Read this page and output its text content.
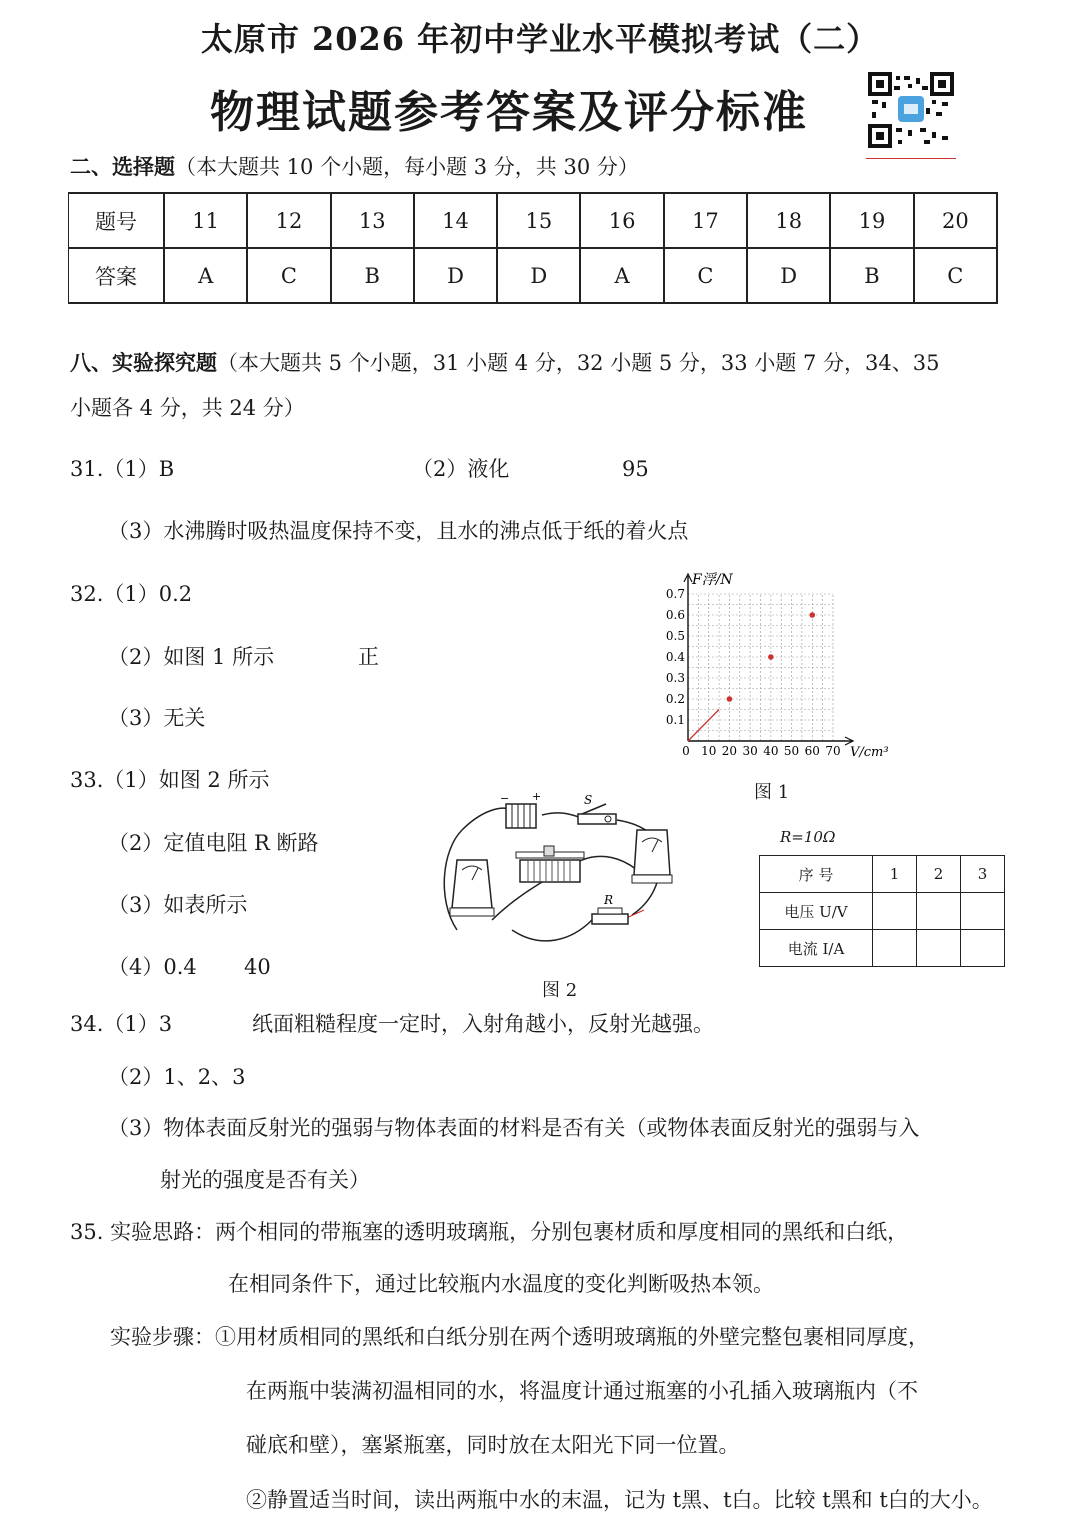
太原市 2026 年初中学业水平模拟考试（二）
物理试题参考答案及评分标准
二、选择题（本大题共 10 个小题，每小题 3 分，共 30 分）
题号	11	12	13	14	15	16	17	18	19	20
答案	A	C	B	D	D	A	C	D	B	C
八、实验探究题（本大题共 5 个小题，31 小题 4 分，32 小题 5 分，33 小题 7 分，34、35
小题各 4 分，共 24 分）
31.（1）B	（2）液化	95
（3）水沸腾时吸热温度保持不变，且水的沸点低于纸的着火点
32.（1）0.2
（2）如图 1 所示	正
（3）无关	0.1
0.2
0.3
0.4
0.5
0.6
0.7
0 10 20 30 40 50 60 70
F浮/N
V/cm³
图 1
33.（1）如图 2 所示
（2）定值电阻 R 断路
（3）如表所示
（4）0.4 40
− +	S
R
图 2
R=10Ω
序 号	1	2	3
电压 U/V			
电流 I/A			
34.（1）3	纸面粗糙程度一定时，入射角越小，反射光越强。
（2）1、2、3
（3）物体表面反射光的强弱与物体表面的材料是否有关（或物体表面反射光的强弱与入
射光的强度是否有关）
35. 实验思路：两个相同的带瓶塞的透明玻璃瓶，分别包裹材质和厚度相同的黑纸和白纸，
在相同条件下，通过比较瓶内水温度的变化判断吸热本领。
实验步骤：①用材质相同的黑纸和白纸分别在两个透明玻璃瓶的外壁完整包裹相同厚度，
在两瓶中装满初温相同的水，将温度计通过瓶塞的小孔插入玻璃瓶内（不
碰底和壁），塞紧瓶塞，同时放在太阳光下同一位置。
②静置适当时间，读出两瓶中水的末温，记为 t黑、t白。比较 t黑和 t白的大小。
